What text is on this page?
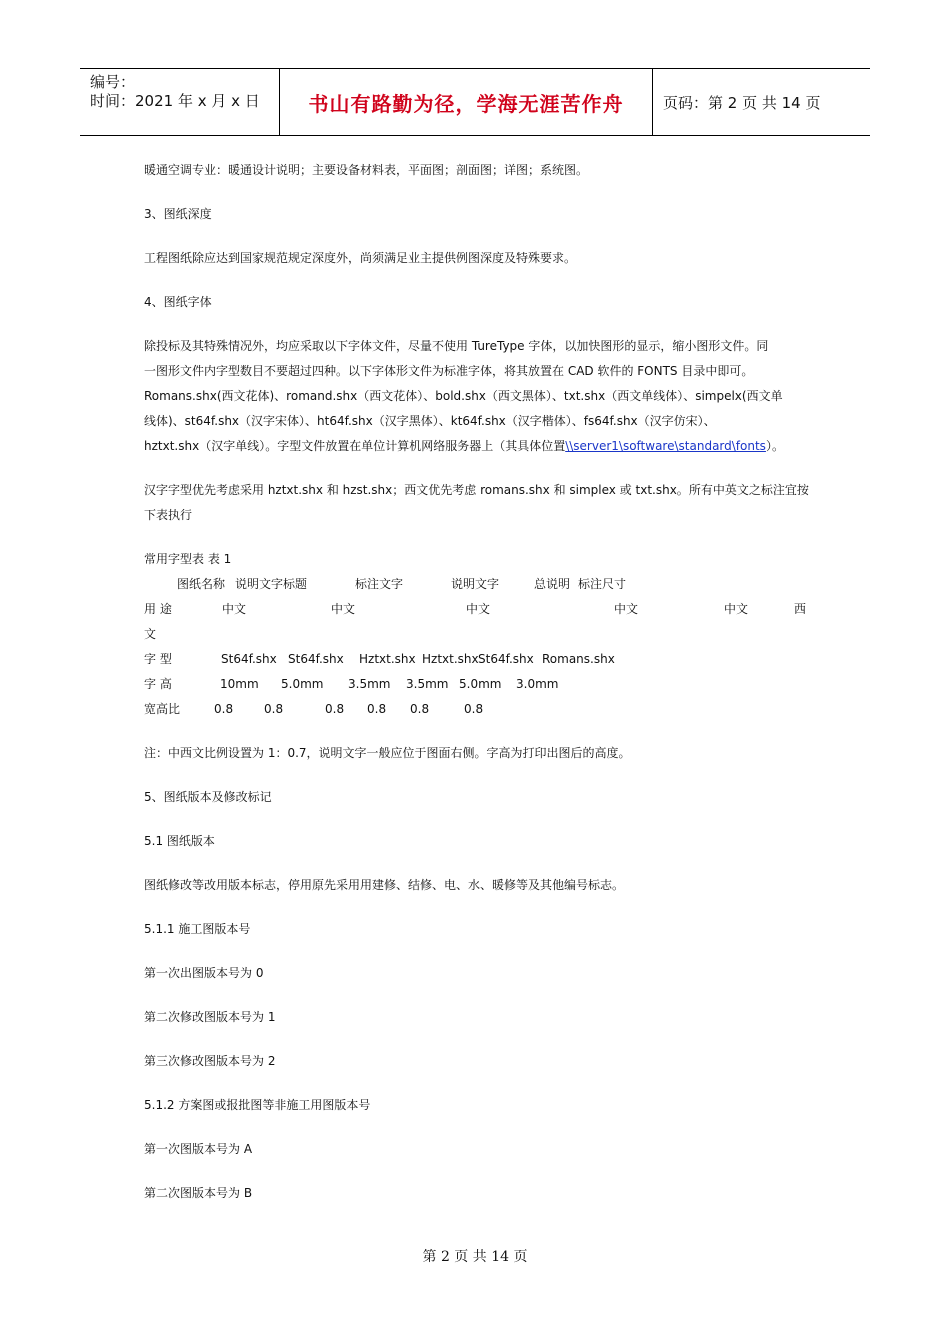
编号：
时间：2021 年 x 月 x 日	书山有路勤为径，学海无涯苦作舟	页码：第 2 页 共 14 页
暖通空调专业：暖通设计说明；主要设备材料表，平面图；剖面图；详图；系统图。
3、图纸深度
工程图纸除应达到国家规范规定深度外，尚须满足业主提供例图深度及特殊要求。
4、图纸字体
除投标及其特殊情况外，均应采取以下字体文件，尽量不使用 TureType 字体，以加快图形的显示，缩小图形文件。同
一图形文件内字型数目不要超过四种。以下字体形文件为标准字体，将其放置在 CAD 软件的 FONTS 目录中即可。
Romans.shx(西文花体)、romand.shx（西文花体）、bold.shx（西文黑体）、txt.shx（西文单线体）、simpelx(西文单
线体)、st64f.shx（汉字宋体）、ht64f.shx（汉字黑体）、kt64f.shx（汉字楷体）、fs64f.shx（汉字仿宋）、
hztxt.shx（汉字单线）。字型文件放置在单位计算机网络服务器上（其具体位置\\server1\software\standard\fonts）。
汉字字型优先考虑采用 hztxt.shx 和 hzst.shx；西文优先考虑 romans.shx 和 simplex 或 txt.shx。所有中英文之标注宜按
下表执行
常用字型表 表 1
图纸名称 说明文字标题	标注文字	说明文字	总说明 标注尺寸
用 途	中文	中文	中文	中文	中文	西
文
字 型	St64f.shx St64f.shx Hztxt.shx Hztxt.shx St64f.shx Romans.shx
字 高	10mm 5.0mm 3.5mm 3.5mm 5.0mm 3.0mm
宽高比	0.8	0.8	0.8 0.8 0.8	0.8
注：中西文比例设置为 1：0.7，说明文字一般应位于图面右侧。字高为打印出图后的高度。
5、图纸版本及修改标记
5.1 图纸版本
图纸修改等改用版本标志，停用原先采用用建修、结修、电、水、暖修等及其他编号标志。
5.1.1 施工图版本号
第一次出图版本号为 0
第二次修改图版本号为 1
第三次修改图版本号为 2
5.1.2 方案图或报批图等非施工用图版本号
第一次图版本号为 A
第二次图版本号为 B
第 2 页 共 14 页
